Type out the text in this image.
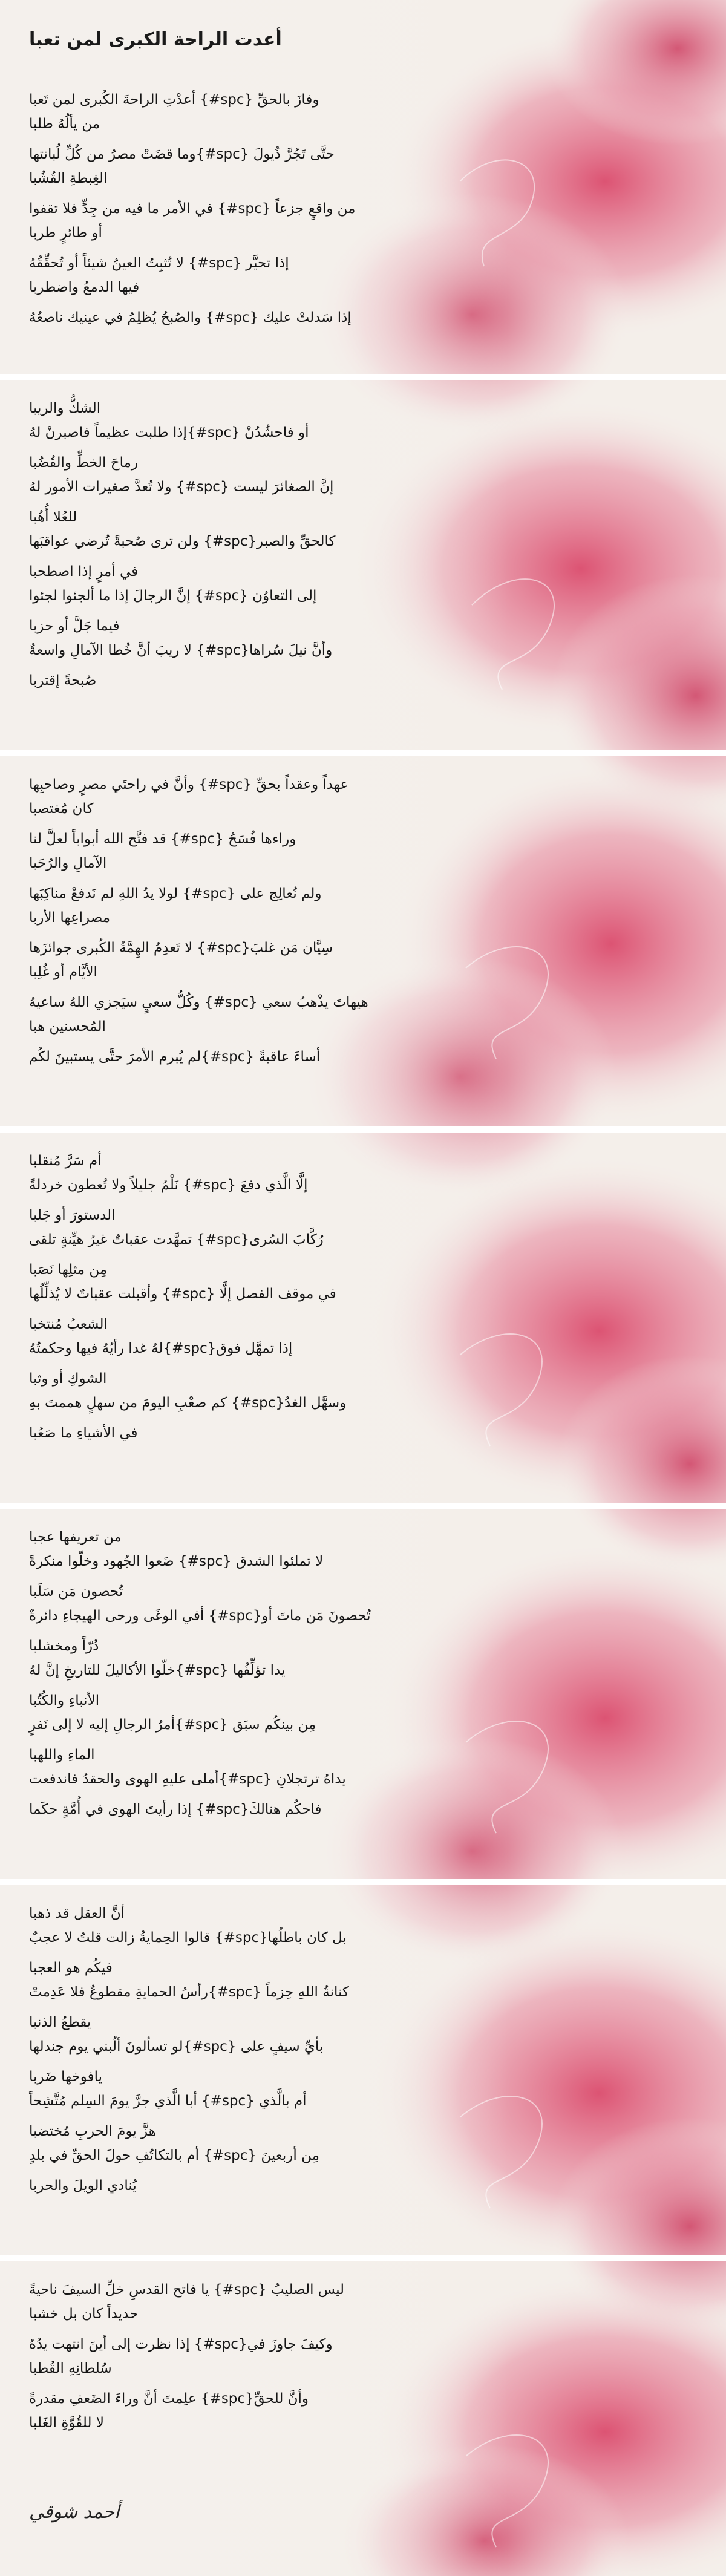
أعدت الراحة الكبرى لمن تعبا
أحمد شوقي
وفازَ بالحقِّ {spc#} أعدْتِ الراحةَ الكُبرى لمن تَعبا
من يألُهُ طلبا
حتَّى تَجُرَّ ذُيولَ {spc#}وما قضَتْ مصرُ من كُلِّ لُبانتها
الغِبطةِ القُشُبا
من واقعٍ جزعاً {spc#} في الأمر ما فيه من جِدٍّ فلا تقفوا
أو طائرٍ طربا
إذا تحيَّر {spc#} لا تُثبِتُ العينُ شيئاً أو تُحقِّقُهُ
فيها الدمعُ واضطربا
إذا سَدلتْ عليك {spc#} والصُبحُ يُظلِمُ في عينيك ناصعُهُ
الشكُّ والريبا
أو فاحشُدُنْ {spc#}إذا طلبت عظيماً فاصبرنْ لهُ
رماحَ الخطِّ والقُضُبا
إنَّ الصغائرَ ليست {spc#} ولا تُعدَّ صغيرات الأمور لهُ
للعُلا أُهُبا
كالحقِّ والصبر{spc#} ولن ترى صُحبةً تُرضي عواقبَها
في أمرٍ إذا اصطحبا
إلى التعاوُن {spc#} إنَّ الرجالَ إذا ما ألجئوا لجئوا
فيما جَلَّ أو حزبا
وأنَّ نيلَ سُراها{spc#} لا ريبَ أنَّ خُطا الآمالِ واسعةٌ
صُبحةً إقتربا
عهداً وعقداً بحقِّ {spc#} وأنَّ في راحتَي مصرٍ وصاحبِها
كان مُغتصبا
وراءها فُسَحُ {spc#} قد فتَّح الله أبواباً لعلَّ لنا
الآمالِ والرُحَبا
ولم نُعالِج على {spc#} لولا يدُ اللهِ لم نَدفعْ مناكِبَها
مصراعِها الأربا
سِيَّان مَن غلبَ{spc#} لا تَعدِمُ الهِمَّةُ الكُبرى جوائزَها
الأيَّام أو غُلِبا
هيهاتَ يذْهبُ سعي {spc#} وكُلُّ سعيٍ سيَجزي اللهُ ساعيهُ
المُحسنين هبا
أساءَ عاقبةً {spc#}لم يُبرم الأمرَ حتَّى يستبينَ لكُم
أم سَرَّ مُنقلبا
إلَّا الَّذي دفعَ {spc#} نَلْمُ جليلاً ولا تُعطون خردلةً
الدستورَ أو جَلبا
رُكَّابَ السُرى{spc#} تمهَّدت عقباتٌ غيرُ هيِّنةٍ تلقى
مِن مثلِها نَصَبا
في موقف الفصل إلَّا {spc#} وأقبلت عقباتٌ لا يُذلِّلُها
الشعبُ مُنتخبا
إذا تمهَّل فوق{spc#}لهُ غدا رأيُهُ فيها وحكمتُهُ
الشوكِ أو وثبا
وسهَّل الغدُ{spc#} كم صعْبِ اليومَ من سهلٍ هممتَ بهِ
في الأشياءِ ما صَعُبا
من تعريفها عجبا
لا تملئوا الشدق {spc#} ضَعوا الجُهود وخلّوا منكرةً
تُحصون مَن سَلَبا
تُحصونَ مَن ماتَ أو{spc#} أفي الوغَى ورحى الهيجاءِ دائرةٌ
دُرّاً ومخشلبا
يدا تؤلِّفُها {spc#}خلّوا الأكاليلَ للتاريخِ إنَّ لهُ
الأنباءِ والكُتُبا
مِن بينكُم سبَق {spc#}أمرُ الرجالِ إليه لا إلى نَفرٍ
الماءِ واللهبا
يداهُ ترتجلانِ {spc#}أملى عليهِ الهوى والحقدُ فاندفعت
فاحكُم هنالكَ{spc#} إذا رأيتَ الهوى في أُمَّةٍ حكَما
أنَّ العقل قد ذهبا
بل كان باطلُها{spc#} قالوا الحِمايةُ زالت قلتُ لا عجبٌ
فيكُم هو العجبا
كنانةُ اللهِ حِزماً {spc#}رأسُ الحمايةِ مقطوعٌ فلا عَدِمتْ
يقطعُ الذنبا
بأيِّ سيفٍ على {spc#}لو تسألونَ ألُبني يوم جندلها
يافوخها ضَربا
أم بالَّذي {spc#} أبا الَّذي جرَّ يومَ السِلم مُتَّشِحاً
هزَّ يومَ الحربِ مُختضبا
مِن أربعينَ {spc#} أم بالتكاتُفِ حولَ الحقِّ في بلدٍ
يُنادي الويلَ والحربا
ليس الصليبُ {spc#} يا فاتح القدسِ خلِّ السيفَ ناحيةً
حديداً كان بل خشبا
وكيفَ جاوزَ في{spc#} إذا نظرت إلى أينَ انتهت يدُهُ
سُلطانِهِ القُطبا
وأنَّ للحقِّ{spc#} علِمتَ أنَّ وراءَ الضَعفِ مقدرةً
لا للقُوَّةِ الغَلبا
